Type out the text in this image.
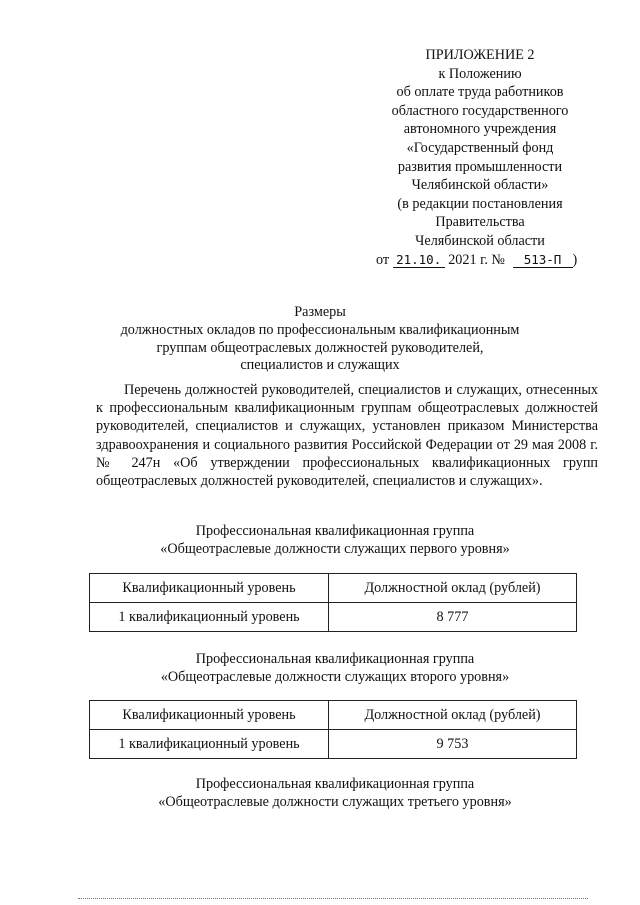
ПРИЛОЖЕНИЕ 2
к Положению
об оплате труда работников
областного государственного
автономного учреждения
«Государственный фонд
развития промышленности
Челябинской области»
(в редакции постановления
Правительства
Челябинской области
от 21.10. 2021 г. № 513-П )
Размеры
должностных окладов по профессиональным квалификационным
группам общеотраслевых должностей руководителей,
специалистов и служащих

Перечень должностей руководителей, специалистов и служащих, отнесенных к профессиональным квалификационным группам общеотраслевых должностей руководителей, специалистов и служащих, установлен приказом Министерства здравоохранения и социального развития Российской Федерации от 29 мая 2008 г. № 247н «Об утверждении профессиональных квалификационных групп общеотраслевых должностей руководителей, специалистов и служащих».

Профессиональная квалификационная группа
«Общеотраслевые должности служащих первого уровня»
Квалификационный уровень	Должностной оклад (рублей)
1 квалификационный уровень	8 777
Профессиональная квалификационная группа
«Общеотраслевые должности служащих второго уровня»
Квалификационный уровень	Должностной оклад (рублей)
1 квалификационный уровень	9 753
Профессиональная квалификационная группа
«Общеотраслевые должности служащих третьего уровня»
